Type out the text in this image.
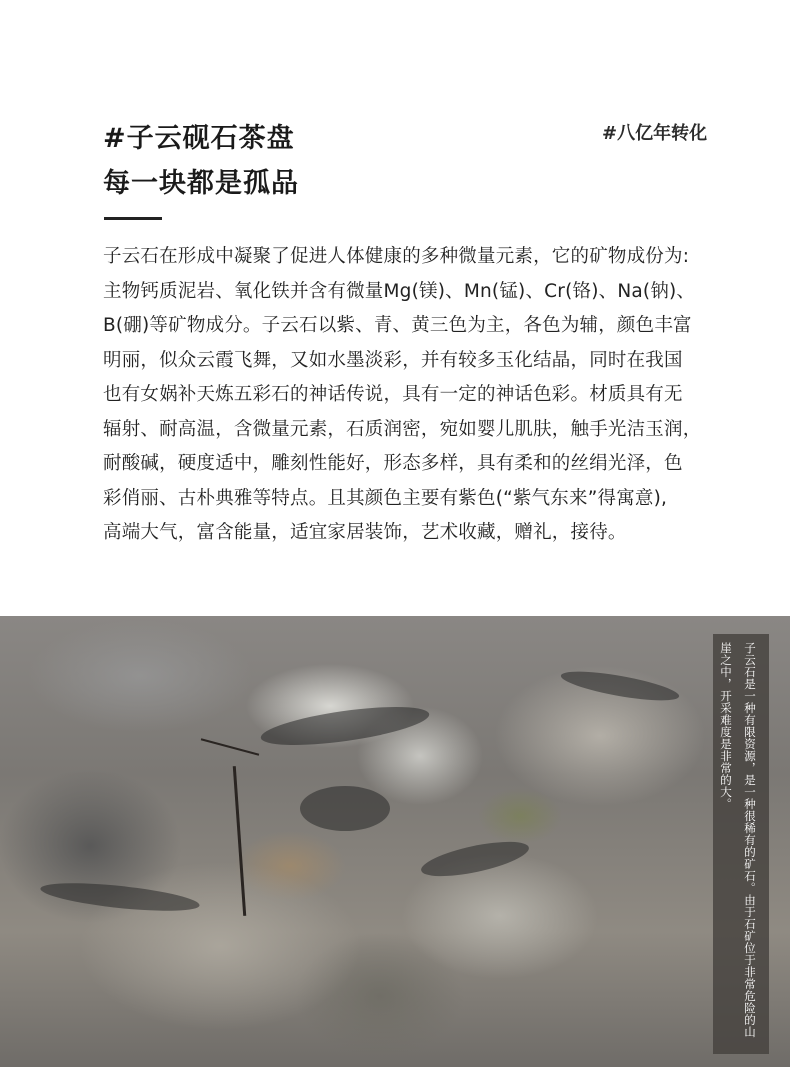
#子云砚石茶盘
每一块都是孤品
#八亿年转化
子云石在形成中凝聚了促进人体健康的多种微量元素，它的矿物成份为:
主物钙质泥岩、氧化铁并含有微量Mg(镁)、Mn(锰)、Cr(铬)、Na(钠)、
B(硼)等矿物成分。子云石以紫、青、黄三色为主，各色为辅，颜色丰富
明丽，似众云霞飞舞，又如水墨淡彩，并有较多玉化结晶，同时在我国
也有女娲补天炼五彩石的神话传说，具有一定的神话色彩。材质具有无
辐射、耐高温，含微量元素，石质润密，宛如婴儿肌肤，触手光洁玉润，
耐酸碱，硬度适中，雕刻性能好，形态多样，具有柔和的丝绢光泽，色
彩俏丽、古朴典雅等特点。且其颜色主要有紫色(“紫气东来”得寓意),
高端大气，富含能量，适宜家居装饰，艺术收藏，赠礼，接待。
子云石是一种有限资源，是一种很稀有的矿石。由于石矿位于非常危险的山
崖之中，开采难度是非常的大。
